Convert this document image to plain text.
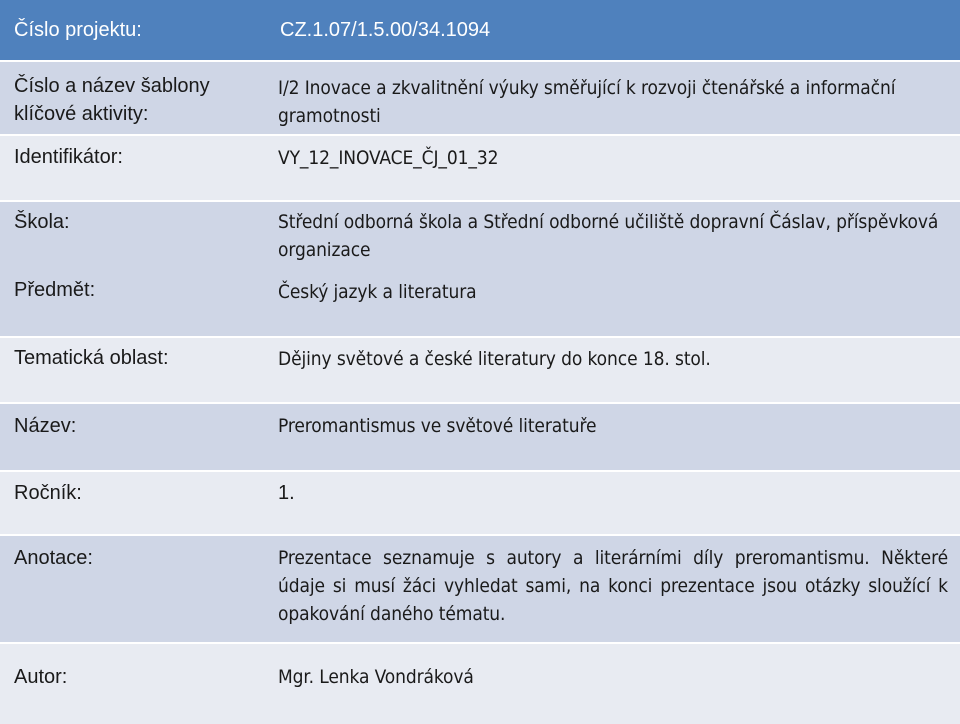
Číslo projektu:	CZ.1.07/1.5.00/34.1094
Číslo a název šablony klíčové aktivity:
I/2 Inovace a zkvalitnění výuky směřující k rozvoji čtenářské a informační gramotnosti
Identifikátor:	VY_12_INOVACE_ČJ_01_32
Škola:	Střední odborná škola a Střední odborné učiliště dopravní Čáslav, příspěvková organizace
Předmět:	Český jazyk a literatura
Tematická oblast:	Dějiny světové a české literatury do konce 18. stol.
Název:	Preromantismus ve světové literatuře
Ročník:	1.
Anotace:	Prezentace seznamuje s autory a literárními díly preromantismu. Některé údaje si musí žáci vyhledat sami, na konci prezentace jsou otázky sloužící k opakování daného tématu.
Autor:	Mgr. Lenka Vondráková
